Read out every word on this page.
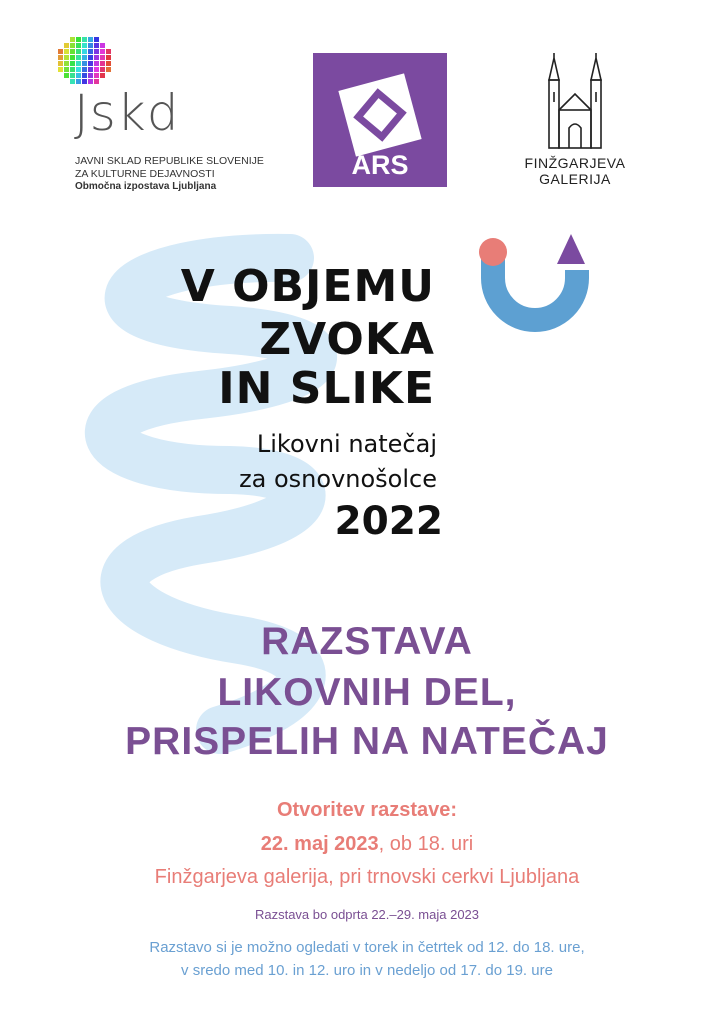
Jskd
JAVNI SKLAD REPUBLIKE SLOVENIJE
ZA KULTURNE DEJAVNOSTI
Območna izpostava Ljubljana
ARS	FINŽGARJEVA
GALERIJA
V OBJEMU
ZVOKA
IN SLIKE
Likovni natečaj
za osnovnošolce
2022
RAZSTAVA
LIKOVNIH DEL,
PRISPELIH NA NATEČAJ
Otvoritev razstave:
22. maj 2023, ob 18. uri
Finžgarjeva galerija, pri trnovski cerkvi Ljubljana
Razstava bo odprta 22.–29. maja 2023
Razstavo si je možno ogledati v torek in četrtek od 12. do 18. ure,
v sredo med 10. in 12. uro in v nedeljo od 17. do 19. ure
